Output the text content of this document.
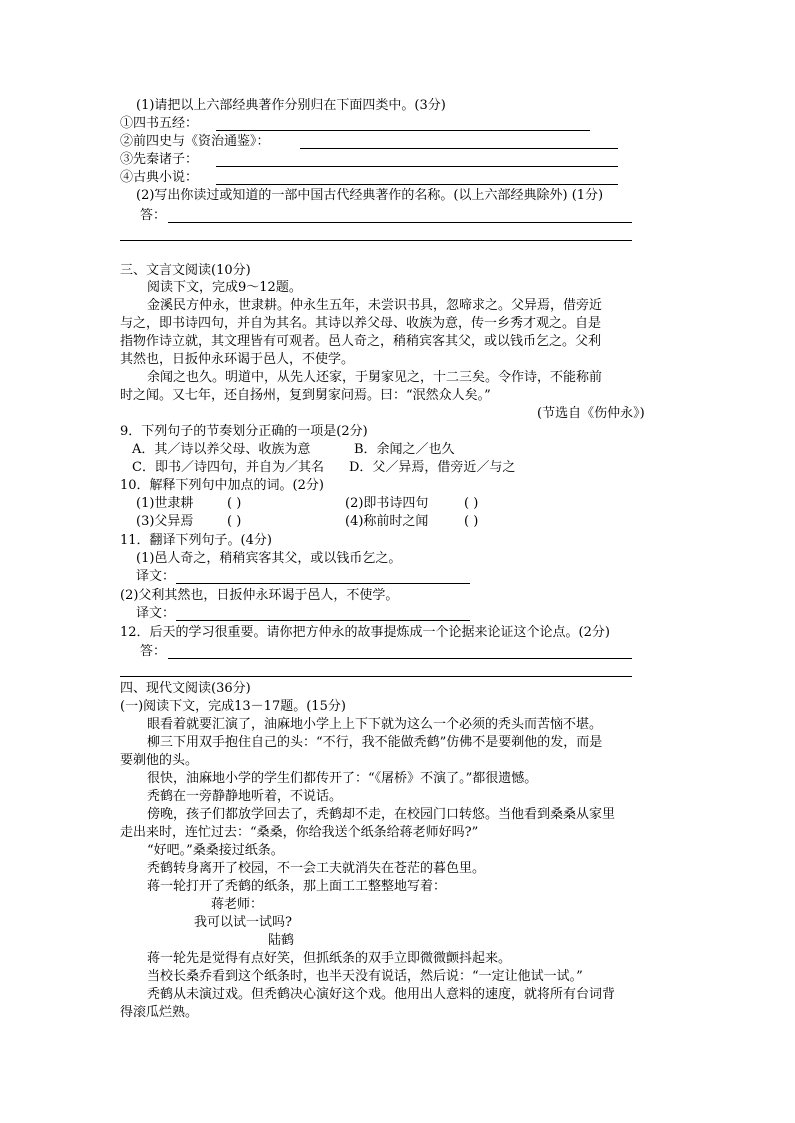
(1)请把以上六部经典著作分别归在下面四类中。(3分)
①四书五经：
②前四史与《资治通鉴》：
③先秦诸子：
④古典小说：
(2)写出你读过或知道的一部中国古代经典著作的名称。(以上六部经典除外) (1分)
答：
三、文言文阅读(10分)
阅读下文，完成9～12题。
金溪民方仲永，世隶耕。仲永生五年，未尝识书具，忽啼求之。父异焉，借旁近
与之，即书诗四句，并自为其名。其诗以养父母、收族为意，传一乡秀才观之。自是
指物作诗立就，其文理皆有可观者。邑人奇之，稍稍宾客其父，或以钱币乞之。父利
其然也，日扳仲永环谒于邑人，不使学。
余闻之也久。明道中，从先人还家，于舅家见之，十二三矣。令作诗，不能称前
时之闻。又七年，还自扬州，复到舅家问焉。曰：“泯然众人矣。”
(节选自《伤仲永》)
9．下列句子的节奏划分正确的一项是(2分)
A．其／诗以养父母、收族为意	B．余闻之／也久
C．即书／诗四句，并自为／其名 D．父／异焉，借旁近／与之
10．解释下列句中加点的词。(2分)
(1)世隶耕	( )	(2)即书诗四句	( )
(3)父异焉	( )	(4)称前时之闻	( )
11．翻译下列句子。(4分)
(1)邑人奇之，稍稍宾客其父，或以钱币乞之。
译文：
(2)父利其然也，日扳仲永环谒于邑人，不使学。
译文：
12．后天的学习很重要。请你把方仲永的故事提炼成一个论据来论证这个论点。(2分)
答：
四、现代文阅读(36分)
(一)阅读下文，完成13－17题。(15分)
眼看着就要汇演了，油麻地小学上上下下就为这么一个必须的秃头而苦恼不堪。
柳三下用双手抱住自己的头：“不行，我不能做秃鹤”仿佛不是要剃他的发，而是
要剃他的头。
很快，油麻地小学的学生们都传开了：“《屠桥》不演了。”都很遗憾。
秃鹤在一旁静静地听着，不说话。
傍晚，孩子们都放学回去了，秃鹤却不走，在校园门口转悠。当他看到桑桑从家里
走出来时，连忙过去：“桑桑，你给我送个纸条给蒋老师好吗?”
“好吧。”桑桑接过纸条。
秃鹤转身离开了校园，不一会工夫就消失在苍茫的暮色里。
蒋一轮打开了秃鹤的纸条，那上面工工整整地写着：
蒋老师：
我可以试一试吗?
陆鹤
蒋一轮先是觉得有点好笑，但抓纸条的双手立即微微颤抖起来。
当校长桑乔看到这个纸条时，也半天没有说话，然后说：“一定让他试一试。”
秃鹤从未演过戏。但秃鹤决心演好这个戏。他用出人意料的速度，就将所有台词背
得滚瓜烂熟。
